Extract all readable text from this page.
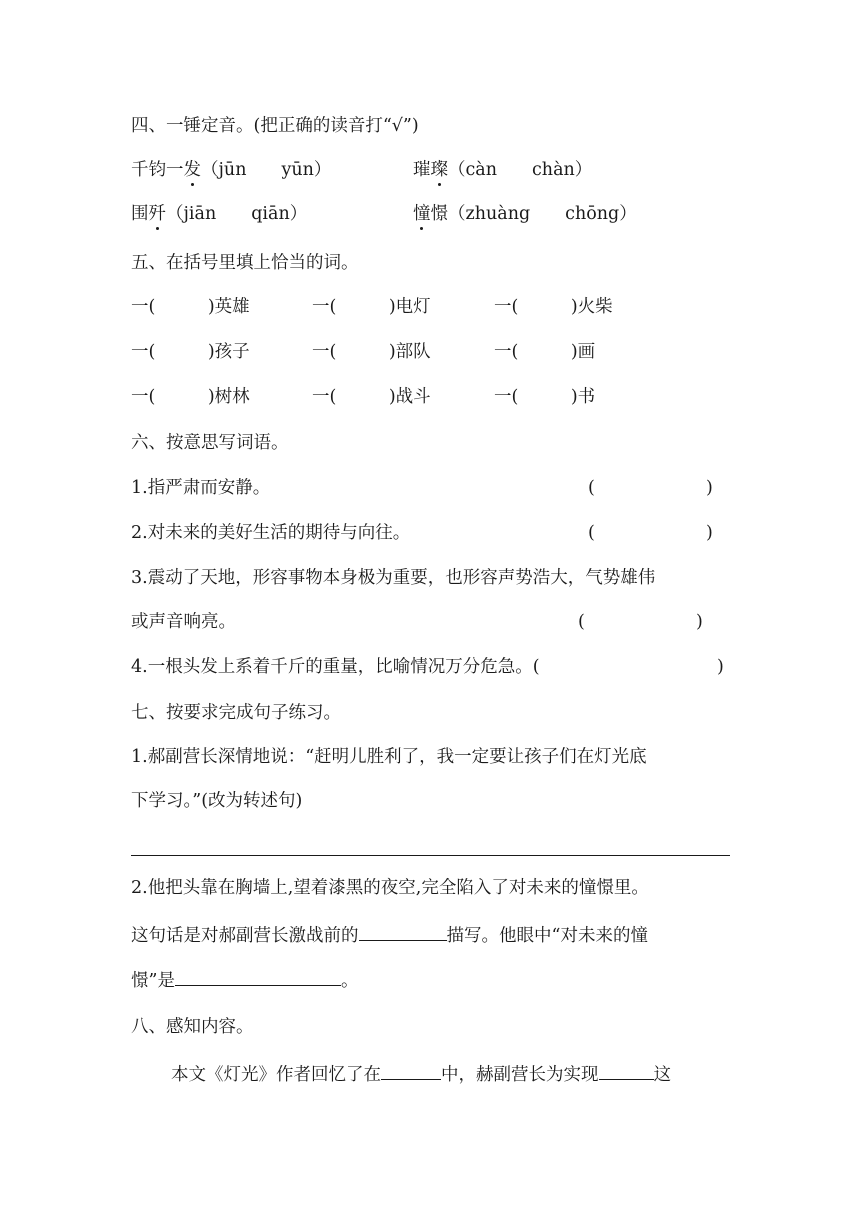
四、一锤定音。(把正确的读音打“√”)
千钧一发（jūn　　yūn）	璀璨（càn　　chàn）
围歼（jiān　　qiān）	憧憬（zhuàng　　chōng）
五、在括号里填上恰当的词。
一(　　　)英雄	一(　　　)电灯	一(　　　)火柴
一(　　　)孩子	一(　　　)部队	一(　　　)画
一(　　　)树林	一(　　　)战斗	一(　　　)书
六、按意思写词语。
1.指严肃而安静。	(	)
2.对未来的美好生活的期待与向往。	(	)
3.震动了天地，形容事物本身极为重要，也形容声势浩大，气势雄伟
或声音响亮。	(	)
4.一根头发上系着千斤的重量，比喻情况万分危急。(	)
七、按要求完成句子练习。
1.郝副营长深情地说：“赶明儿胜利了，我一定要让孩子们在灯光底
下学习。”(改为转述句)
2.他把头靠在胸墙上,望着漆黑的夜空,完全陷入了对未来的憧憬里。
这句话是对郝副营长激战前的	描写。他眼中“对未来的憧
憬”是	。
八、感知内容。
本文《灯光》作者回忆了在	中，赫副营长为实现	这
